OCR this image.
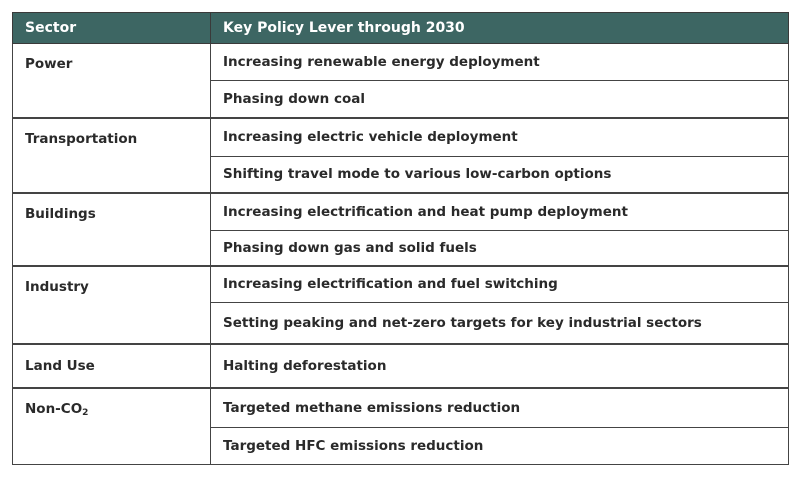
Sector	Key Policy Lever through 2030
Power	Increasing renewable energy deployment
	Phasing down coal
Transportation	Increasing electric vehicle deployment
	Shifting travel mode to various low-carbon options
Buildings	Increasing electrification and heat pump deployment
	Phasing down gas and solid fuels
Industry	Increasing electrification and fuel switching
	Setting peaking and net-zero targets for key industrial sectors
Land Use	Halting deforestation
Non-$CO_2$	Targeted methane emissions reduction
	Targeted HFC emissions reduction
